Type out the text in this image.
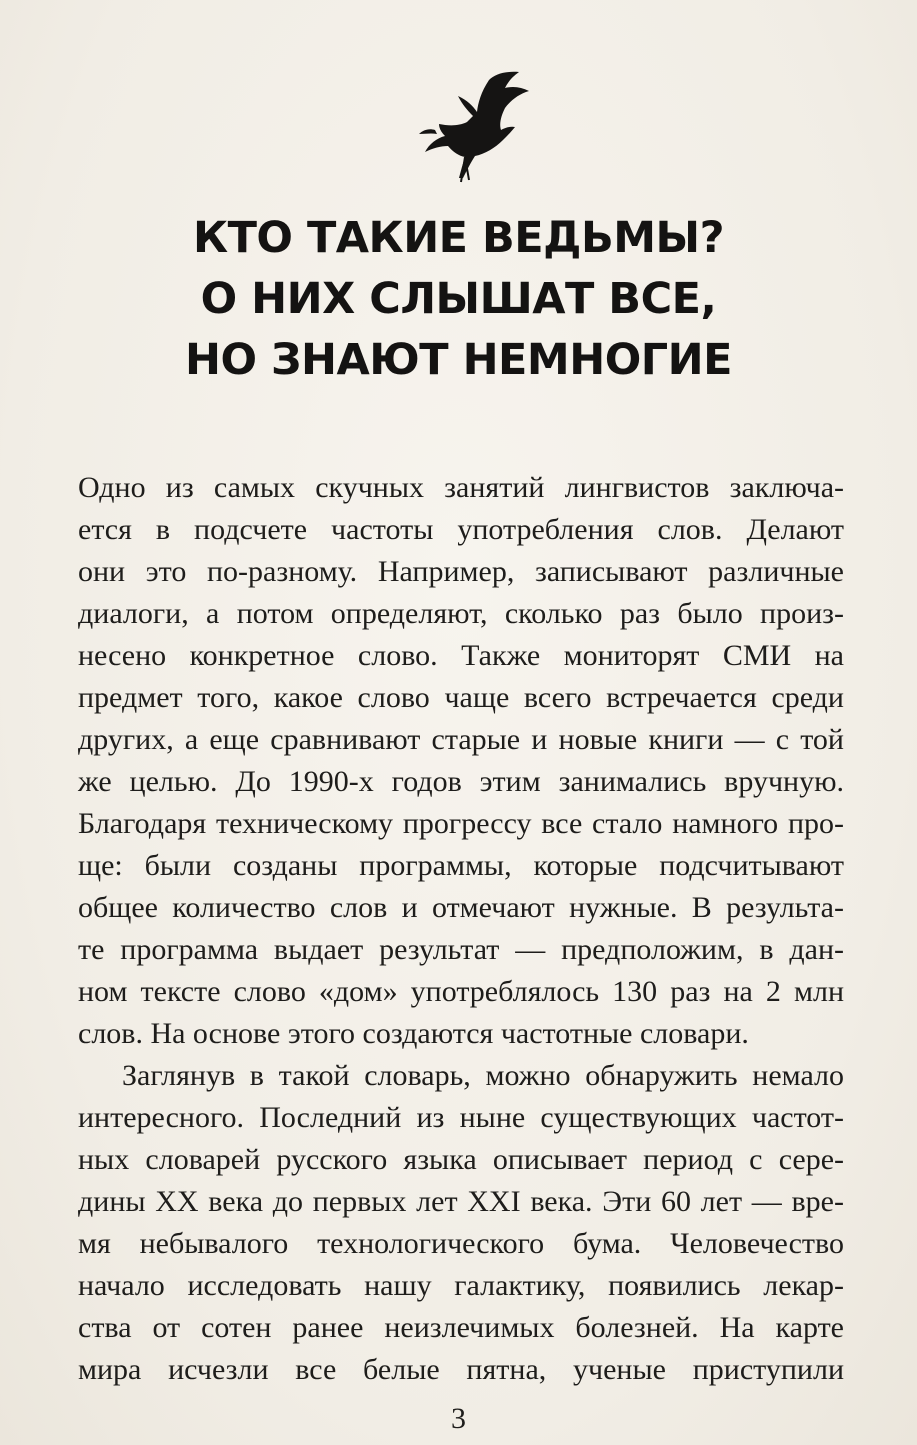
КТО ТАКИЕ ВЕДЬМЫ?
О НИХ СЛЫШАТ ВСЕ,
НО ЗНАЮТ НЕМНОГИЕ
Одно из самых скучных занятий лингвистов заключа-
ется в подсчете частоты употребления слов. Делают
они это по-разному. Например, записывают различные
диалоги, а потом определяют, сколько раз было произ-
несено конкретное слово. Также мониторят СМИ на
предмет того, какое слово чаще всего встречается среди
других, а еще сравнивают старые и новые книги — с той
же целью. До 1990-х годов этим занимались вручную.
Благодаря техническому прогрессу все стало намного про-
ще: были созданы программы, которые подсчитывают
общее количество слов и отмечают нужные. В результа-
те программа выдает результат — предположим, в дан-
ном тексте слово «дом» употреблялось 130 раз на 2 млн
слов. На основе этого создаются частотные словари.
Заглянув в такой словарь, можно обнаружить немало
интересного. Последний из ныне существующих частот-
ных словарей русского языка описывает период с сере-
дины XX века до первых лет XXI века. Эти 60 лет — вре-
мя небывалого технологического бума. Человечество
начало исследовать нашу галактику, появились лекар-
ства от сотен ранее неизлечимых болезней. На карте
мира исчезли все белые пятна, ученые приступили
3
